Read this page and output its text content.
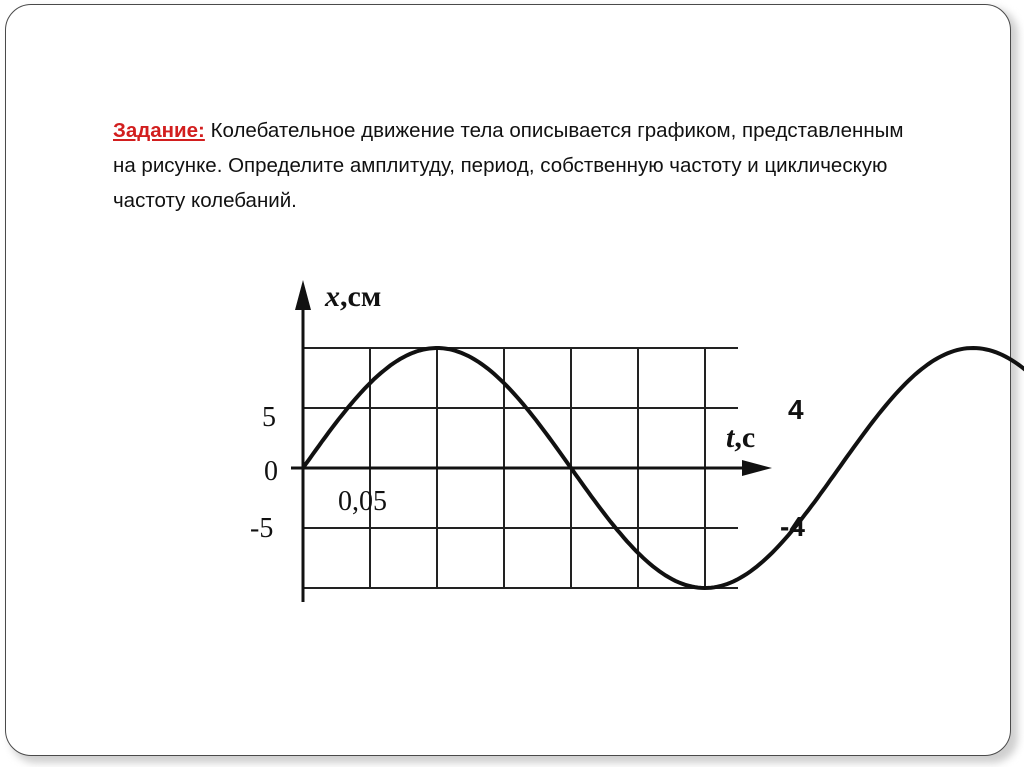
Задание: Колебательное движение тела описывается графиком, представленным на рисунке. Определите амплитуду, период, собственную частоту и циклическую частоту колебаний.
x,см
t,с
5
0
-5
0,05
4
-4
